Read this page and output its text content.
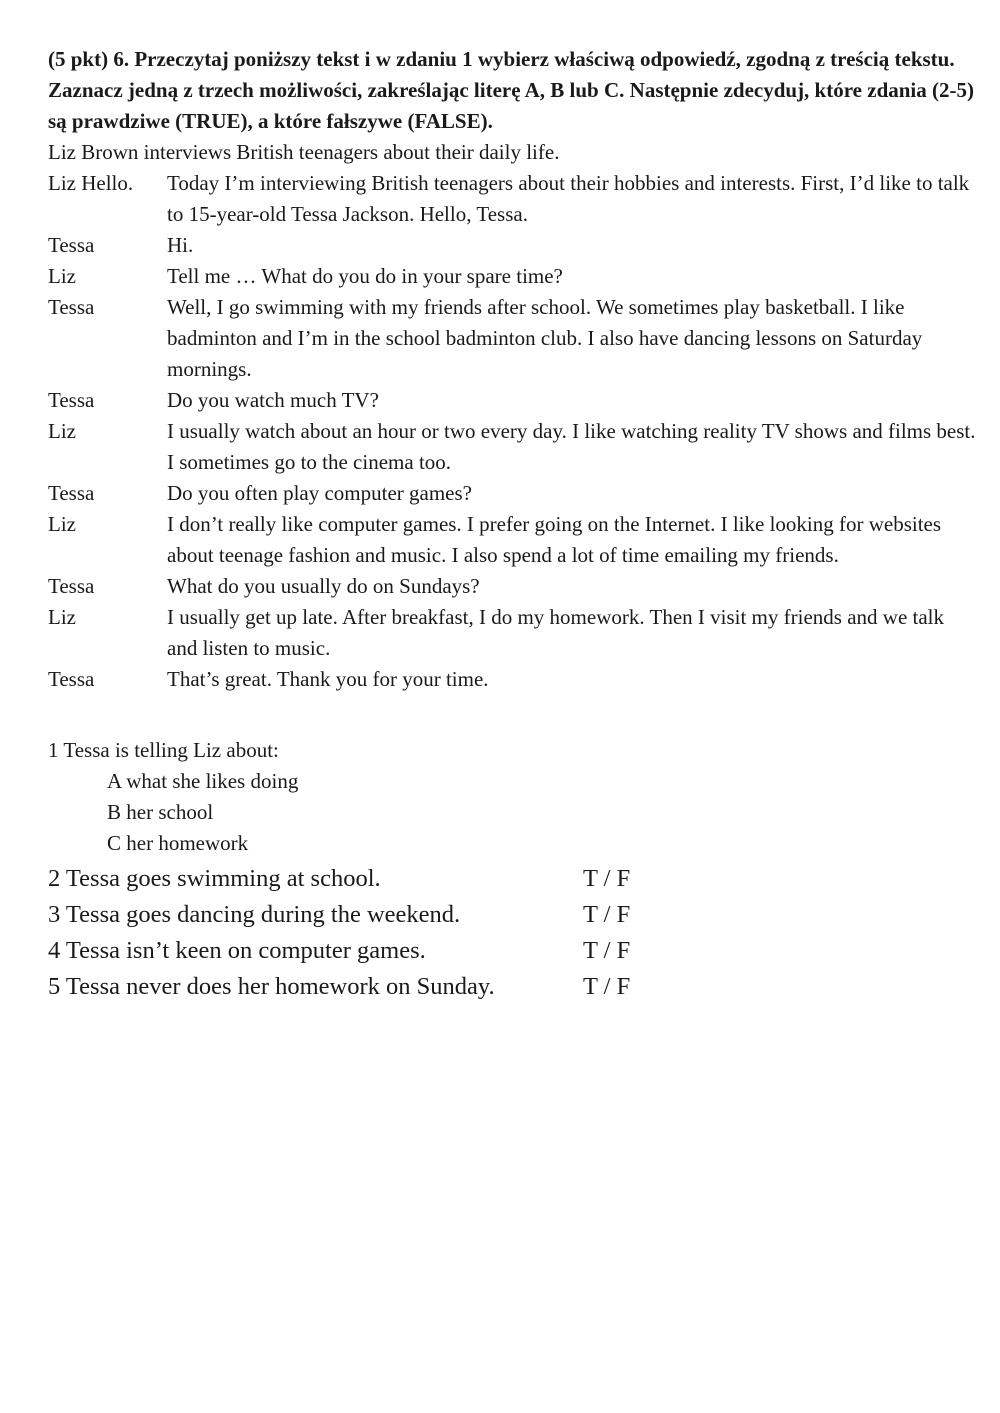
(5 pkt) 6. Przeczytaj poniższy tekst i w zdaniu 1 wybierz właściwą odpowiedź, zgodną z treścią tekstu. Zaznacz jedną z trzech możliwości, zakreślając literę A, B lub C. Następnie zdecyduj, które zdania (2-5) są prawdziwe (TRUE), a które fałszywe (FALSE).

Liz Brown interviews British teenagers about their daily life.

Liz Hello.	Today I’m interviewing British teenagers about their hobbies and interests. First, I’d like to talk to 15-year-old Tessa Jackson. Hello, Tessa.
Tessa	Hi.
Liz	Tell me … What do you do in your spare time?
Tessa	Well, I go swimming with my friends after school. We sometimes play basketball. I like badminton and I’m in the school badminton club. I also have dancing lessons on Saturday mornings.
Tessa	Do you watch much TV?
Liz	I usually watch about an hour or two every day. I like watching reality TV shows and films best. I sometimes go to the cinema too.
Tessa	Do you often play computer games?
Liz	I don’t really like computer games. I prefer going on the Internet. I like looking for websites about teenage fashion and music. I also spend a lot of time emailing my friends.
Tessa	What do you usually do on Sundays?
Liz	I usually get up late. After breakfast, I do my homework. Then I visit my friends and we talk and listen to music.
Tessa	That’s great. Thank you for your time.
1 Tessa is telling Liz about:
A what she likes doing
B her school
C her homework
2 Tessa goes swimming at school.	T / F
3 Tessa goes dancing during the weekend.	T / F
4 Tessa isn’t keen on computer games.	T / F
5 Tessa never does her homework on Sunday.	T / F
